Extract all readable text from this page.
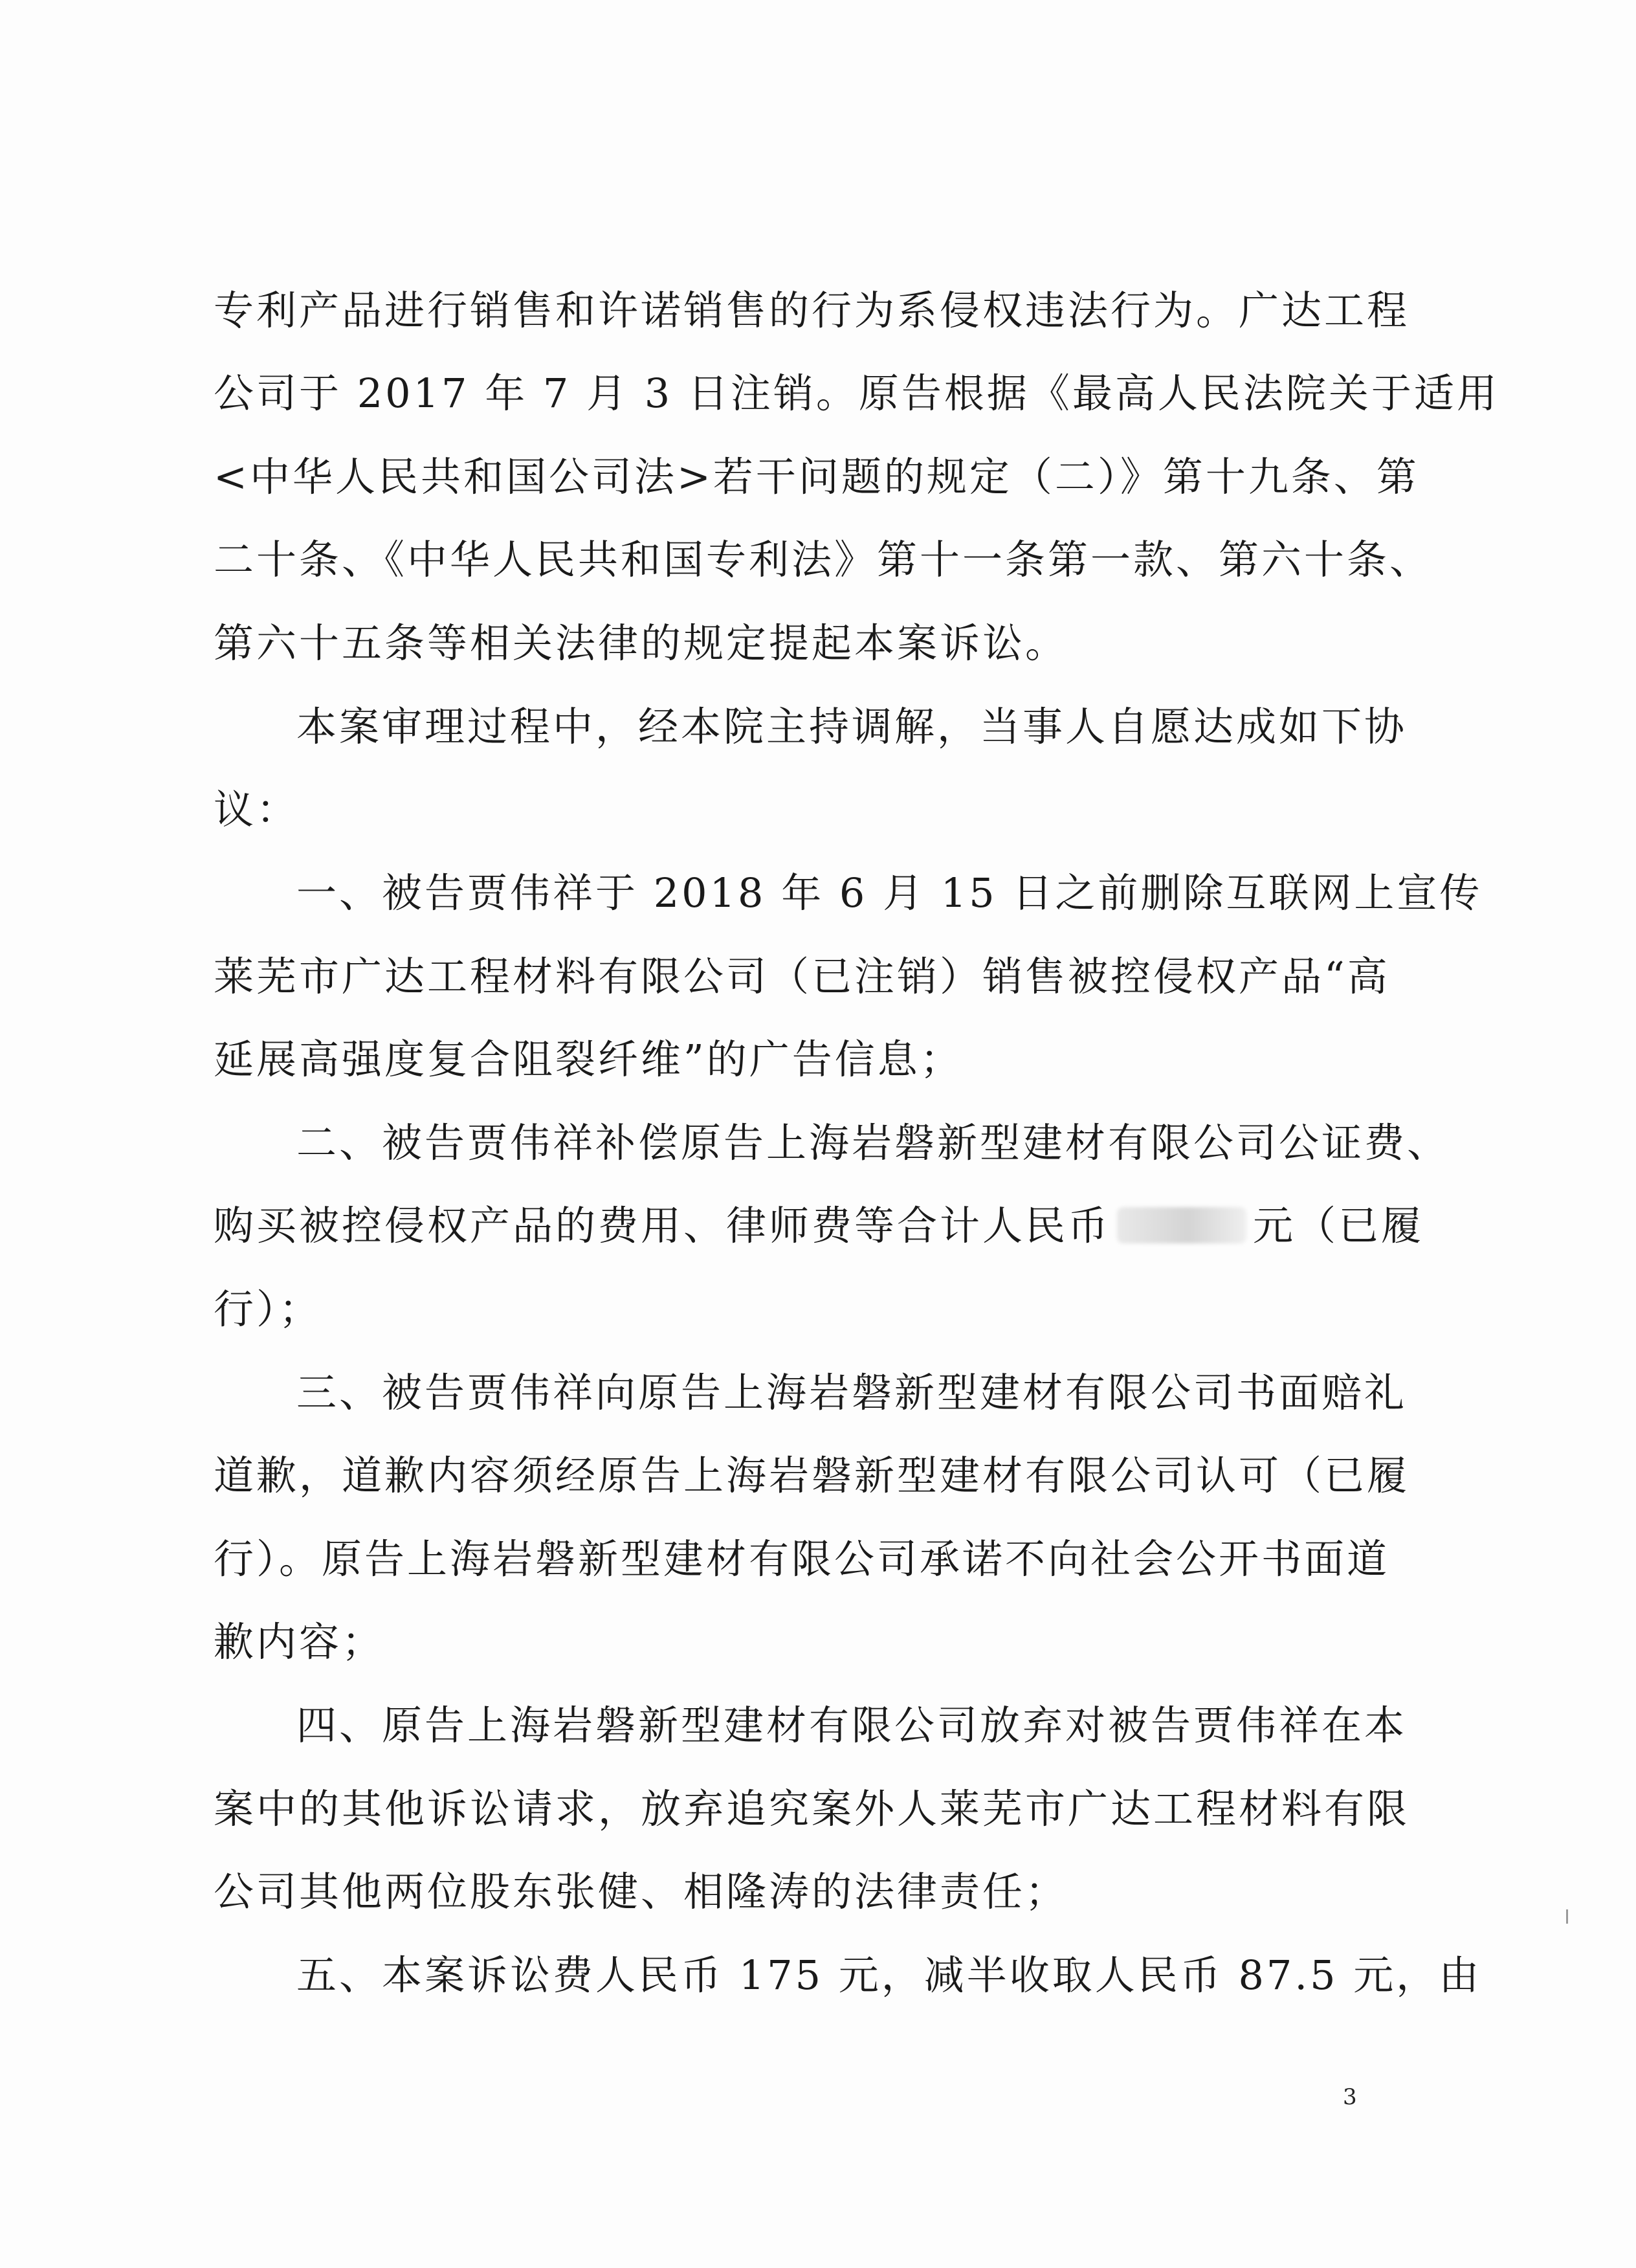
专利产品进行销售和许诺销售的行为系侵权违法行为。广达工程
公司于 2017 年 7 月 3 日注销。原告根据《最高人民法院关于适用
<中华人民共和国公司法>若干问题的规定（二）》第十九条、第
二十条、《中华人民共和国专利法》第十一条第一款、第六十条、
第六十五条等相关法律的规定提起本案诉讼。
本案审理过程中，经本院主持调解，当事人自愿达成如下协
议：
一、被告贾伟祥于 2018 年 6 月 15 日之前删除互联网上宣传
莱芜市广达工程材料有限公司（已注销）销售被控侵权产品“高
延展高强度复合阻裂纤维”的广告信息；
二、被告贾伟祥补偿原告上海岩磐新型建材有限公司公证费、
购买被控侵权产品的费用、律师费等合计人民币	元（已履
行）；
三、被告贾伟祥向原告上海岩磐新型建材有限公司书面赔礼
道歉，道歉内容须经原告上海岩磐新型建材有限公司认可（已履
行）。原告上海岩磐新型建材有限公司承诺不向社会公开书面道
歉内容；
四、原告上海岩磐新型建材有限公司放弃对被告贾伟祥在本
案中的其他诉讼请求，放弃追究案外人莱芜市广达工程材料有限
公司其他两位股东张健、相隆涛的法律责任；
五、本案诉讼费人民币 175 元，减半收取人民币 87.5 元，由
3
